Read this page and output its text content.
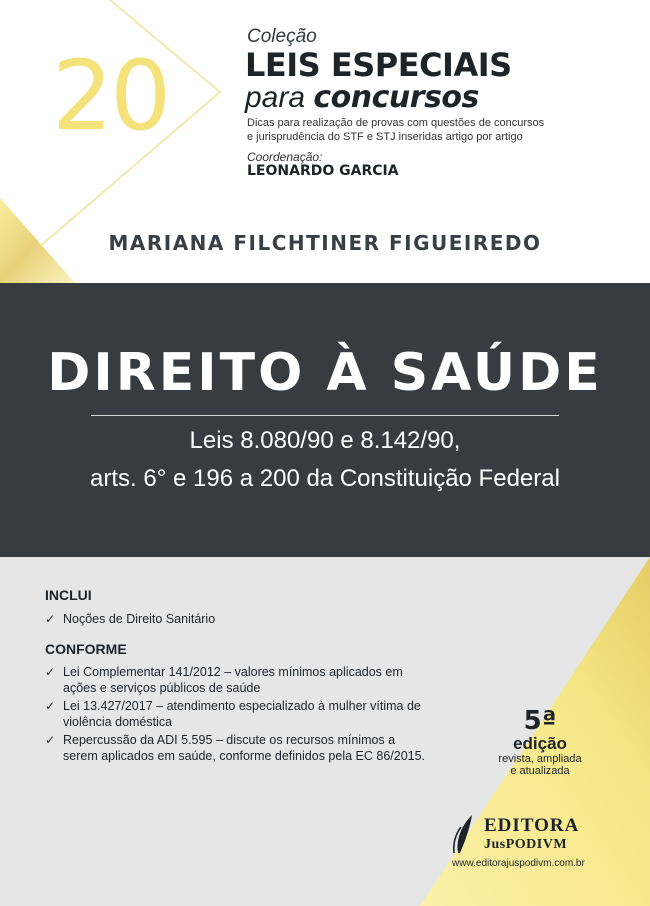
20
Coleção
LEIS ESPECIAIS
para concursos
Dicas para realização de provas com questões de concursos
e jurisprudência do STF e STJ inseridas artigo por artigo
Coordenação:
LEONARDO GARCIA
MARIANA FILCHTINER FIGUEIREDO
DIREITO À SAÚDE
Leis 8.080/90 e 8.142/90,
arts. 6° e 196 a 200 da Constituição Federal
INCLUI
✓ Noções de Direito Sanitário
CONFORME
✓ Lei Complementar 141/2012 – valores mínimos aplicados em
ações e serviços públicos de saúde
✓ Lei 13.427/2017 – atendimento especializado à mulher vítima de
violência doméstica
✓ Repercussão da ADI 5.595 – discute os recursos mínimos a
serem aplicados em saúde, conforme definidos pela EC 86/2015.
5ª
edição
revista, ampliada
e atualizada
EDITORA
JusPODIVM
www.editorajuspodivm.com.br
